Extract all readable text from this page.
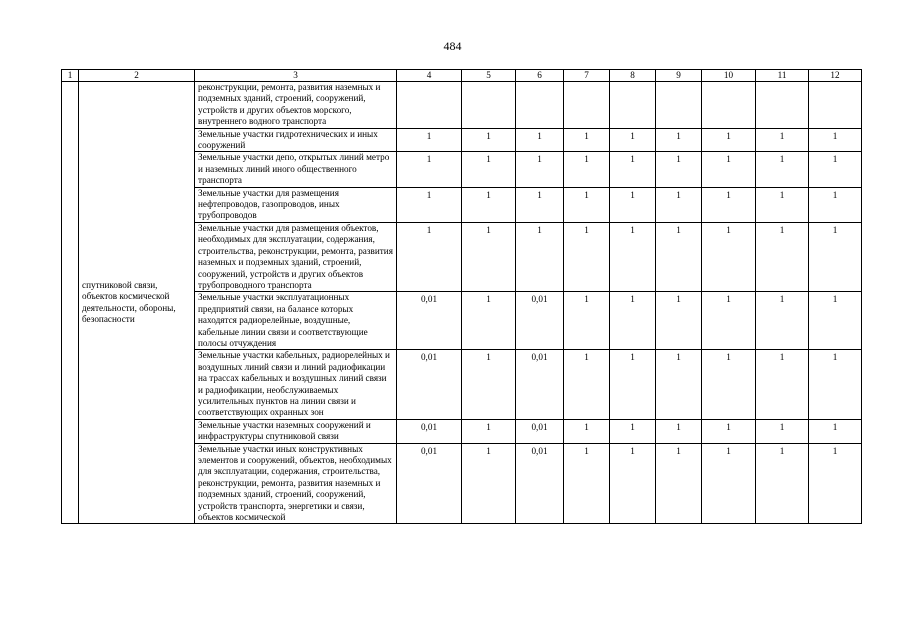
484
1	2	3	4	5	6	7	8	9	10	11	12

	спутниковой связи, объектов космической деятельности, обороны, безопасности	реконструкции, ремонта, развития наземных и подземных зданий, строений, сооружений, устройств и других объектов морского, внутреннего водного транспорта									
		Земельные участки гидротехнических и иных сооружений	1	1	1	1	1	1	1	1	1
		Земельные участки депо, открытых линий метро и наземных линий иного общественного транспорта	1	1	1	1	1	1	1	1	1
		Земельные участки для размещения нефтепроводов, газопроводов, иных трубопроводов	1	1	1	1	1	1	1	1	1
		Земельные участки для размещения объектов, необходимых для эксплуатации, содержания, строительства, реконструкции, ремонта, развития наземных и подземных зданий, строений, сооружений, устройств и других объектов трубопроводного транспорта	1	1	1	1	1	1	1	1	1
		Земельные участки эксплуатационных предприятий связи, на балансе которых находятся радиорелейные, воздушные, кабельные линии связи и соответствующие полосы отчуждения	0,01	1	0,01	1	1	1	1	1	1
		Земельные участки кабельных, радиорелейных и воздушных линий связи и линий радиофикации на трассах кабельных и воздушных линий связи и радиофикации, необслуживаемых усилительных пунктов на линии связи и соответствующих охранных зон	0,01	1	0,01	1	1	1	1	1	1
		Земельные участки наземных сооружений и инфраструктуры спутниковой связи	0,01	1	0,01	1	1	1	1	1	1
		Земельные участки иных конструктивных элементов и сооружений, объектов, необходимых для эксплуатации, содержания, строительства, реконструкции, ремонта, развития наземных и подземных зданий, строений, сооружений, устройств транспорта, энергетики и связи, объектов космической	0,01	1	0,01	1	1	1	1	1	1
